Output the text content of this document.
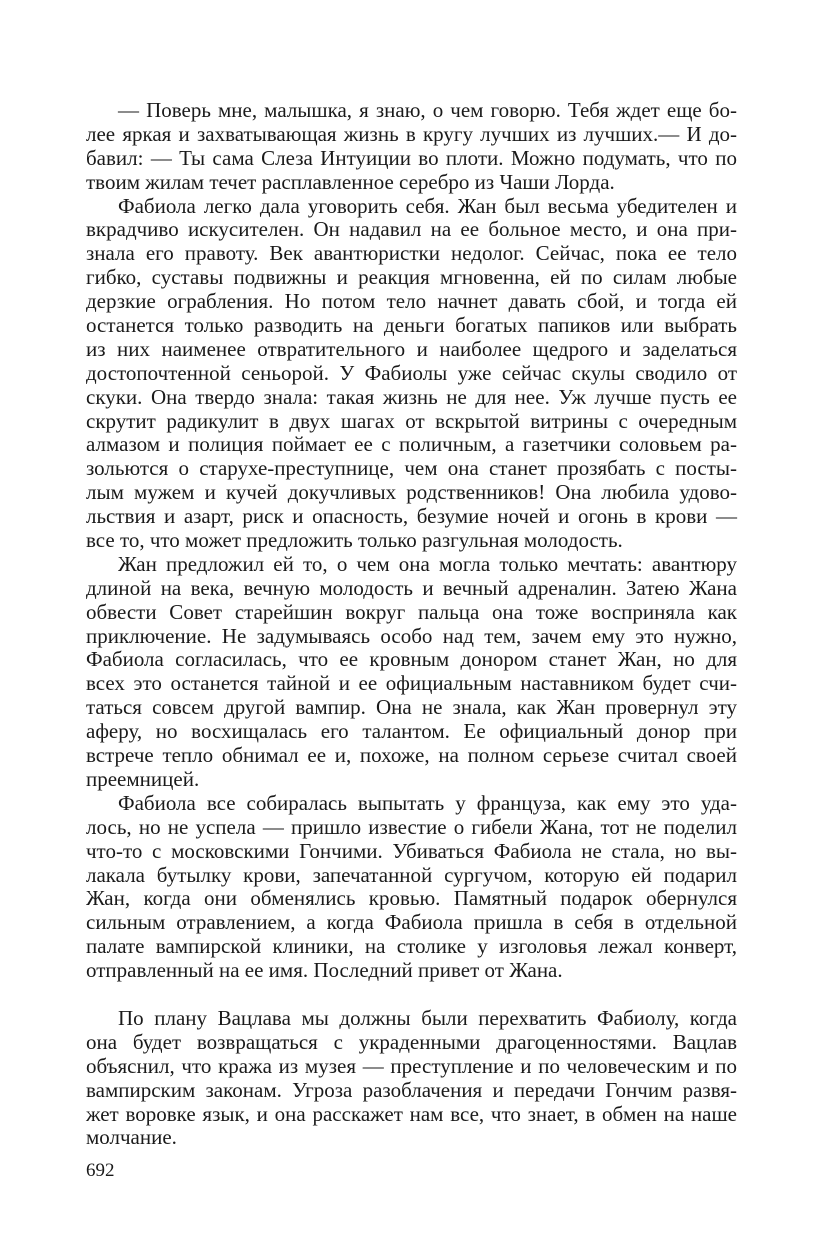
— Поверь мне, малышка, я знаю, о чем говорю. Тебя ждет еще бо-
лее яркая и захватывающая жизнь в кругу лучших из лучших.— И до-
бавил: — Ты сама Слеза Интуиции во плоти. Можно подумать, что по
твоим жилам течет расплавленное серебро из Чаши Лорда.
Фабиола легко дала уговорить себя. Жан был весьма убедителен и
вкрадчиво искусителен. Он надавил на ее больное место, и она при-
знала его правоту. Век авантюристки недолог. Сейчас, пока ее тело
гибко, суставы подвижны и реакция мгновенна, ей по силам любые
дерзкие ограбления. Но потом тело начнет давать сбой, и тогда ей
останется только разводить на деньги богатых папиков или выбрать
из них наименее отвратительного и наиболее щедрого и заделаться
достопочтенной сеньорой. У Фабиолы уже сейчас скулы сводило от
скуки. Она твердо знала: такая жизнь не для нее. Уж лучше пусть ее
скрутит радикулит в двух шагах от вскрытой витрины с очередным
алмазом и полиция поймает ее с поличным, а газетчики соловьем ра-
зольются о старухе-преступнице, чем она станет прозябать с посты-
лым мужем и кучей докучливых родственников! Она любила удово-
льствия и азарт, риск и опасность, безумие ночей и огонь в крови —
все то, что может предложить только разгульная молодость.
Жан предложил ей то, о чем она могла только мечтать: авантюру
длиной на века, вечную молодость и вечный адреналин. Затею Жана
обвести Совет старейшин вокруг пальца она тоже восприняла как
приключение. Не задумываясь особо над тем, зачем ему это нужно,
Фабиола согласилась, что ее кровным донором станет Жан, но для
всех это останется тайной и ее официальным наставником будет счи-
таться совсем другой вампир. Она не знала, как Жан провернул эту
аферу, но восхищалась его талантом. Ее официальный донор при
встрече тепло обнимал ее и, похоже, на полном серьезе считал своей
преемницей.
Фабиола все собиралась выпытать у француза, как ему это уда-
лось, но не успела — пришло известие о гибели Жана, тот не поделил
что-то с московскими Гончими. Убиваться Фабиола не стала, но вы-
лакала бутылку крови, запечатанной сургучом, которую ей подарил
Жан, когда они обменялись кровью. Памятный подарок обернулся
сильным отравлением, а когда Фабиола пришла в себя в отдельной
палате вампирской клиники, на столике у изголовья лежал конверт,
отправленный на ее имя. Последний привет от Жана.
По плану Вацлава мы должны были перехватить Фабиолу, когда
она будет возвращаться с украденными драгоценностями. Вацлав
объяснил, что кража из музея — преступление и по человеческим и по
вампирским законам. Угроза разоблачения и передачи Гончим развя-
жет воровке язык, и она расскажет нам все, что знает, в обмен на наше
молчание.
692
